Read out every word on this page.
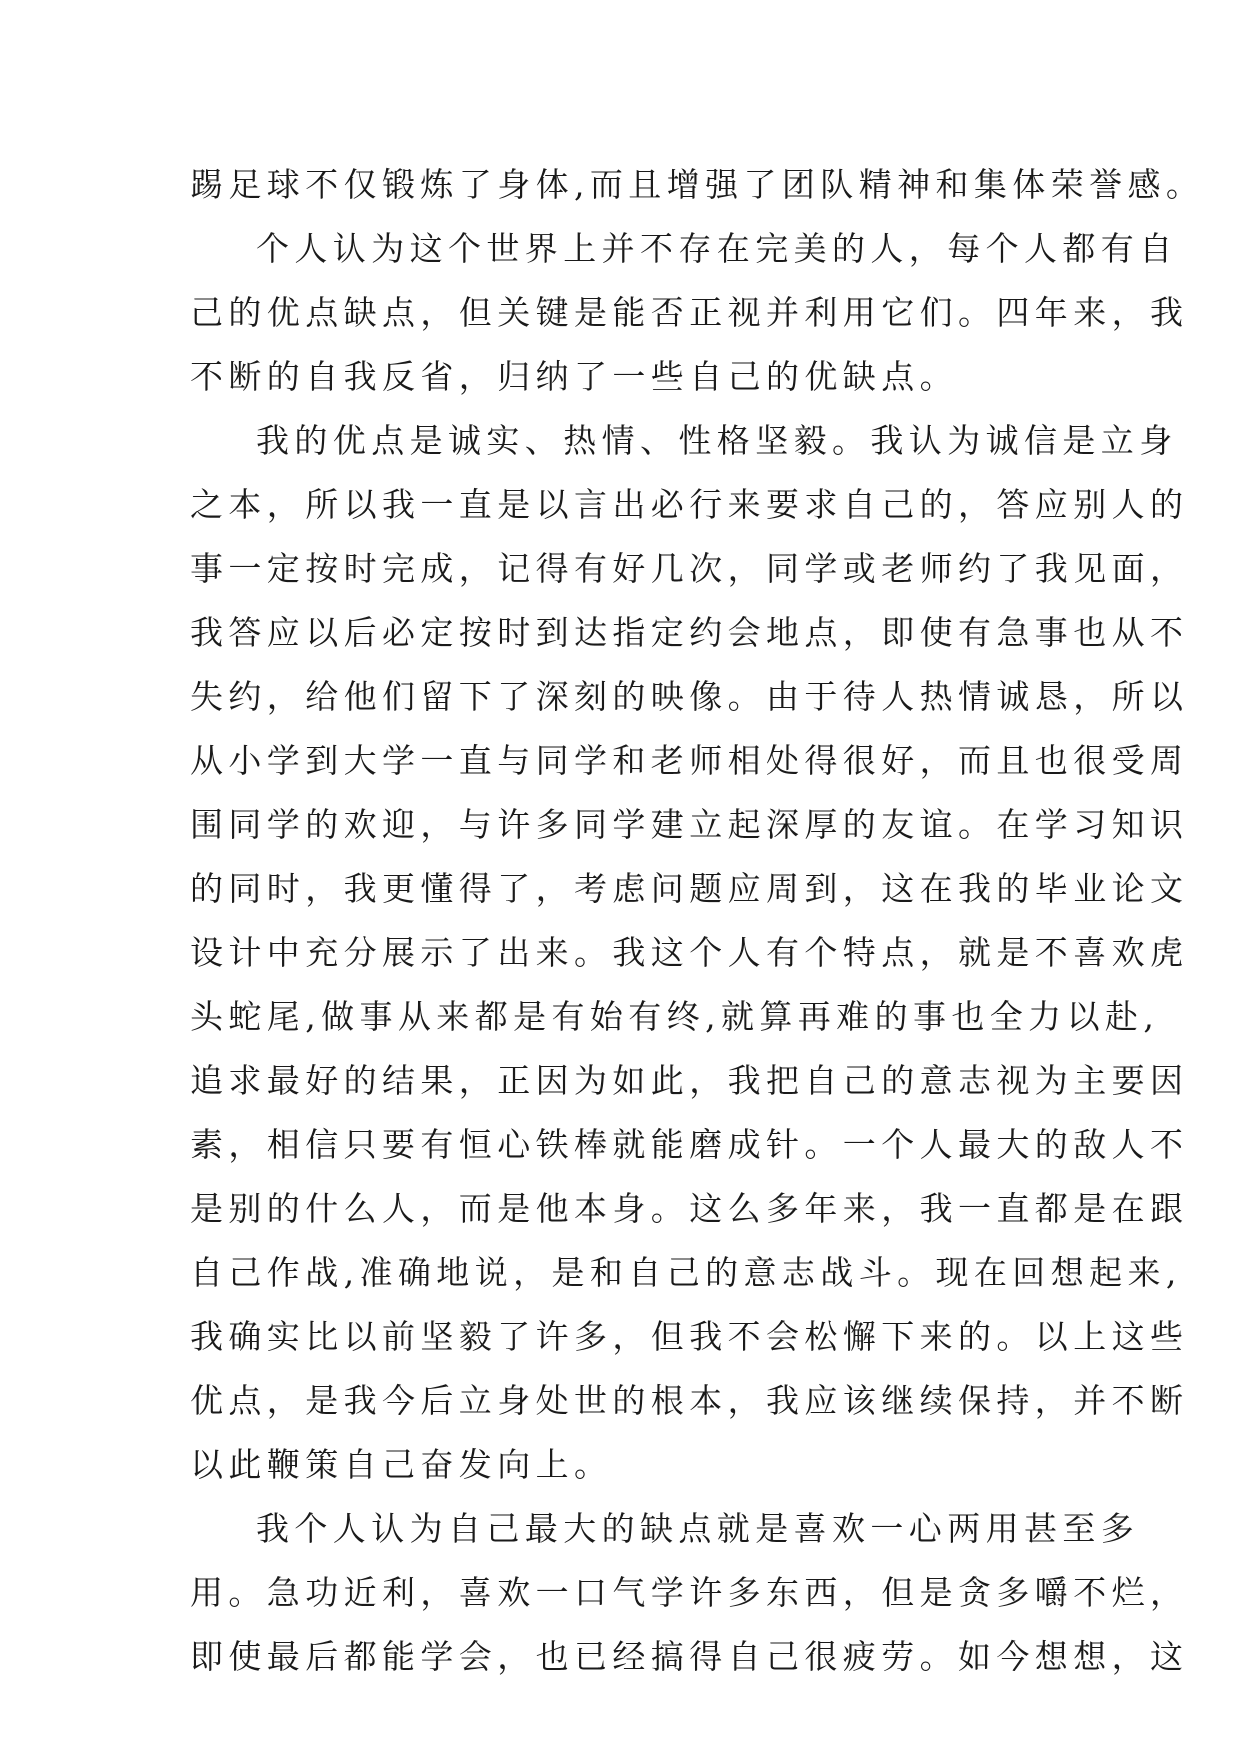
踢足球不仅锻炼了身体,而且增强了团队精神和集体荣誉感。
个人认为这个世界上并不存在完美的人，每个人都有自
己的优点缺点，但关键是能否正视并利用它们。四年来，我
不断的自我反省，归纳了一些自己的优缺点。
我的优点是诚实、热情、性格坚毅。我认为诚信是立身
之本，所以我一直是以言出必行来要求自己的，答应别人的
事一定按时完成，记得有好几次，同学或老师约了我见面，
我答应以后必定按时到达指定约会地点，即使有急事也从不
失约，给他们留下了深刻的映像。由于待人热情诚恳，所以
从小学到大学一直与同学和老师相处得很好，而且也很受周
围同学的欢迎，与许多同学建立起深厚的友谊。在学习知识
的同时，我更懂得了，考虑问题应周到，这在我的毕业论文
设计中充分展示了出来。我这个人有个特点，就是不喜欢虎
头蛇尾,做事从来都是有始有终,就算再难的事也全力以赴,
追求最好的结果，正因为如此，我把自己的意志视为主要因
素，相信只要有恒心铁棒就能磨成针。一个人最大的敌人不
是别的什么人，而是他本身。这么多年来，我一直都是在跟
自己作战,准确地说，是和自己的意志战斗。现在回想起来,
我确实比以前坚毅了许多，但我不会松懈下来的。以上这些
优点，是我今后立身处世的根本，我应该继续保持，并不断
以此鞭策自己奋发向上。
我个人认为自己最大的缺点就是喜欢一心两用甚至多
用。急功近利，喜欢一口气学许多东西，但是贪多嚼不烂，
即使最后都能学会，也已经搞得自己很疲劳。如今想想，这
